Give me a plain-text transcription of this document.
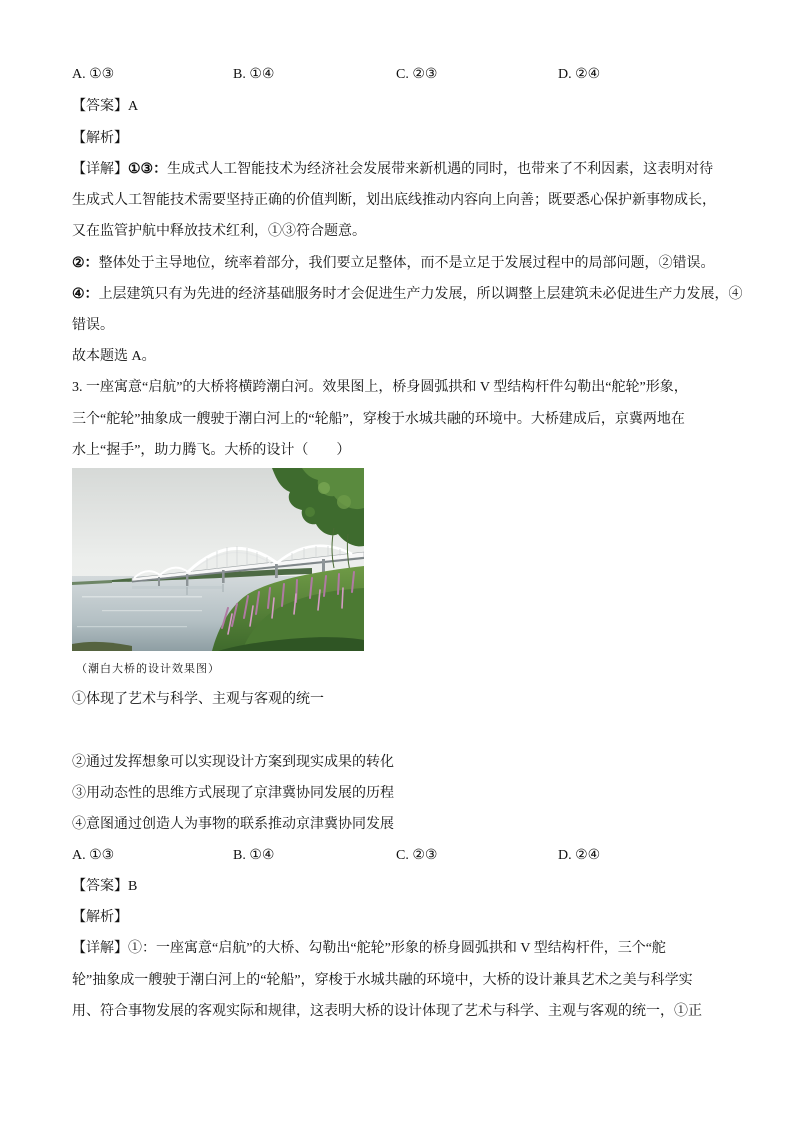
A. ①③	B. ①④	C. ②③	D. ②④
【答案】A
【解析】
【详解】①③：生成式人工智能技术为经济社会发展带来新机遇的同时，也带来了不利因素，这表明对待
生成式人工智能技术需要坚持正确的价值判断，划出底线推动内容向上向善；既要悉心保护新事物成长，
又在监管护航中释放技术红利，①③符合题意。
②：整体处于主导地位，统率着部分，我们要立足整体，而不是立足于发展过程中的局部问题，②错误。
④：上层建筑只有为先进的经济基础服务时才会促进生产力发展，所以调整上层建筑未必促进生产力发展，④
错误。
故本题选 A。
3. 一座寓意“启航”的大桥将横跨潮白河。效果图上，桥身圆弧拱和 V 型结构杆件勾勒出“舵轮”形象，
三个“舵轮”抽象成一艘驶于潮白河上的“轮船”，穿梭于水城共融的环境中。大桥建成后，京冀两地在
水上“握手”，助力腾飞。大桥的设计（　　）
（潮白大桥的设计效果图）
①体现了艺术与科学、主观与客观的统一
②通过发挥想象可以实现设计方案到现实成果的转化
③用动态性的思维方式展现了京津冀协同发展的历程
④意图通过创造人为事物的联系推动京津冀协同发展
A. ①③	B. ①④	C. ②③	D. ②④
【答案】B
【解析】
【详解】①：一座寓意“启航”的大桥、勾勒出“舵轮”形象的桥身圆弧拱和 V 型结构杆件，三个“舵
轮”抽象成一艘驶于潮白河上的“轮船”，穿梭于水城共融的环境中，大桥的设计兼具艺术之美与科学实
用、符合事物发展的客观实际和规律，这表明大桥的设计体现了艺术与科学、主观与客观的统一，①正
